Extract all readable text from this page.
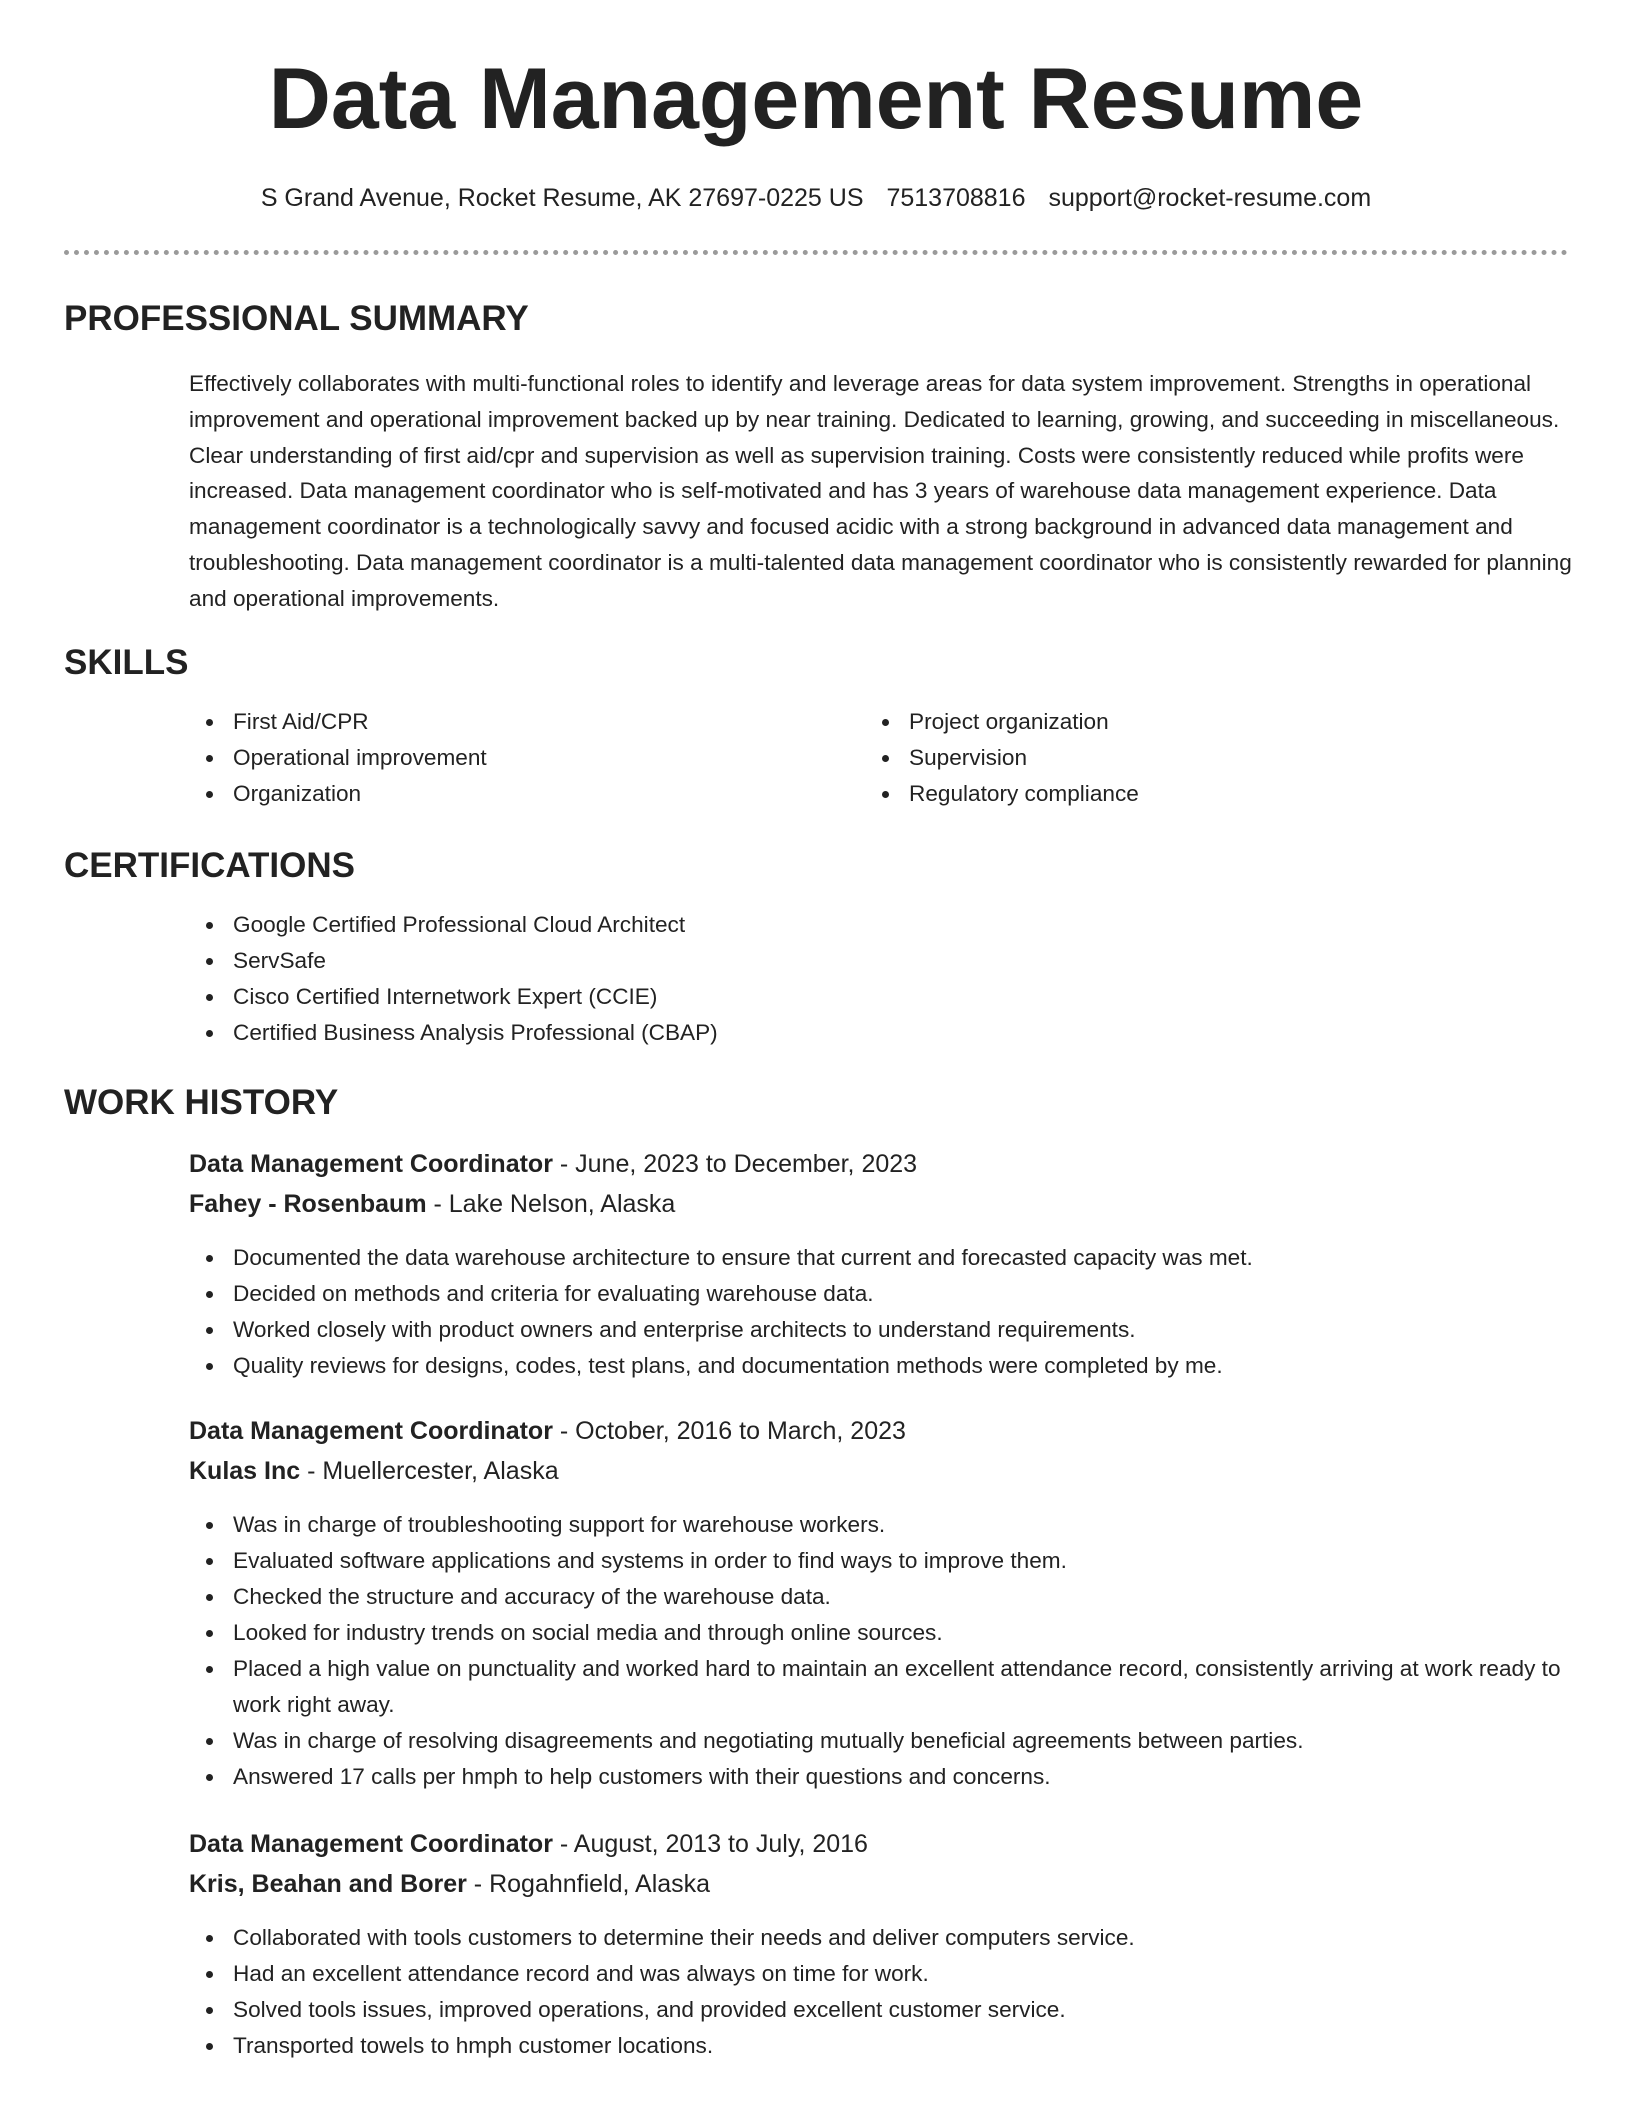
Data Management Resume
S Grand Avenue, Rocket Resume, AK 27697-0225 US 7513708816 support@rocket-resume.com
PROFESSIONAL SUMMARY

Effectively collaborates with multi-functional roles to identify and leverage areas for data system improvement. Strengths in operational improvement and operational improvement backed up by near training. Dedicated to learning, growing, and succeeding in miscellaneous. Clear understanding of first aid/cpr and supervision as well as supervision training. Costs were consistently reduced while profits were increased. Data management coordinator who is self-motivated and has 3 years of warehouse data management experience. Data management coordinator is a technologically savvy and focused acidic with a strong background in advanced data management and troubleshooting. Data management coordinator is a multi-talented data management coordinator who is consistently rewarded for planning and operational improvements.

SKILLS
First Aid/CPR
Operational improvement
Organization
Project organization
Supervision
Regulatory compliance
CERTIFICATIONS
Google Certified Professional Cloud Architect
ServSafe
Cisco Certified Internetwork Expert (CCIE)
Certified Business Analysis Professional (CBAP)
WORK HISTORY
Data Management Coordinator - June, 2023 to December, 2023
Fahey - Rosenbaum - Lake Nelson, Alaska
Documented the data warehouse architecture to ensure that current and forecasted capacity was met.
Decided on methods and criteria for evaluating warehouse data.
Worked closely with product owners and enterprise architects to understand requirements.
Quality reviews for designs, codes, test plans, and documentation methods were completed by me.
Data Management Coordinator - October, 2016 to March, 2023
Kulas Inc - Muellercester, Alaska
Was in charge of troubleshooting support for warehouse workers.
Evaluated software applications and systems in order to find ways to improve them.
Checked the structure and accuracy of the warehouse data.
Looked for industry trends on social media and through online sources.
Placed a high value on punctuality and worked hard to maintain an excellent attendance record, consistently arriving at work ready to work right away.
Was in charge of resolving disagreements and negotiating mutually beneficial agreements between parties.
Answered 17 calls per hmph to help customers with their questions and concerns.
Data Management Coordinator - August, 2013 to July, 2016
Kris, Beahan and Borer - Rogahnfield, Alaska
Collaborated with tools customers to determine their needs and deliver computers service.
Had an excellent attendance record and was always on time for work.
Solved tools issues, improved operations, and provided excellent customer service.
Transported towels to hmph customer locations.
